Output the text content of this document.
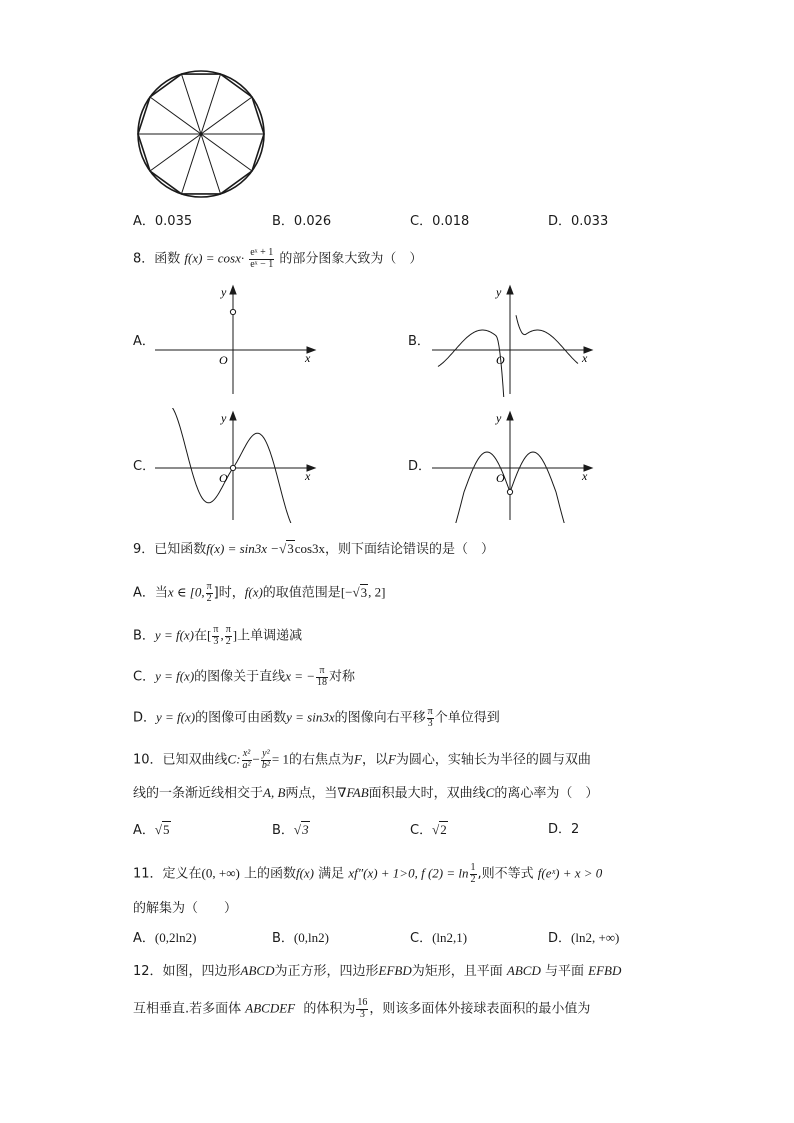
A．0.035	B．0.026	C．0.018	D．0.033
8．函数 $f(x) = \cos x\cdot \frac{\text{eˣ + 1}}{\text{eˣ − 1}}$ 的部分图象大致为（　）
A．	B．
C．	D．
y
x
O
y
x
O
y
x
O
y
x
O
9．已知函数f(x) = sin3x −√3cos3x，则下面结论错误的是（　）
A．当x ∈ [0, $\frac{\pi}{2}$ ]时，f(x)的取值范围是[−√3, 2]
B．y = f(x)在[ $\frac{\pi}{3}$ , $\frac{\pi}{2}$ ]上单调递减
C．y = f(x)的图像关于直线x = − $\frac{\pi}{18}$ 对称
D．y = f(x)的图像可由函数y = sin3x的图像向右平移 $\frac{\pi}{3}$ 个单位得到
10．已知双曲线C: $\frac{\text{x²}}{\text{a²}} - \frac{\text{y²}}{\text{b²}} = 1$的右焦点为F，以F为圆心，实轴长为半径的圆与双曲
线的一条渐近线相交于A, B两点，当∇FAB面积最大时，双曲线C的离心率为（　）
A．√5	B．√3	C．√2	D．2
11．定义在(0, +∞) 上的函数f(x) 满足 xf″(x) + 1>0, f $(2) = \ln \frac{1}{2}$ ,则不等式 f(eˣ) + x > 0
的解集为（　　）
A．(0,2ln2)	B．(0,ln2)	C．(ln2,1)	D．(ln2, +∞)
12．如图，四边形ABCD为正方形，四边形EFBD为矩形，且平面 ABCD 与平面 EFBD
互相垂直.若多面体 ABCDEF 的体积为 $\frac{16}{3}$ ，则该多面体外接球表面积的最小值为
